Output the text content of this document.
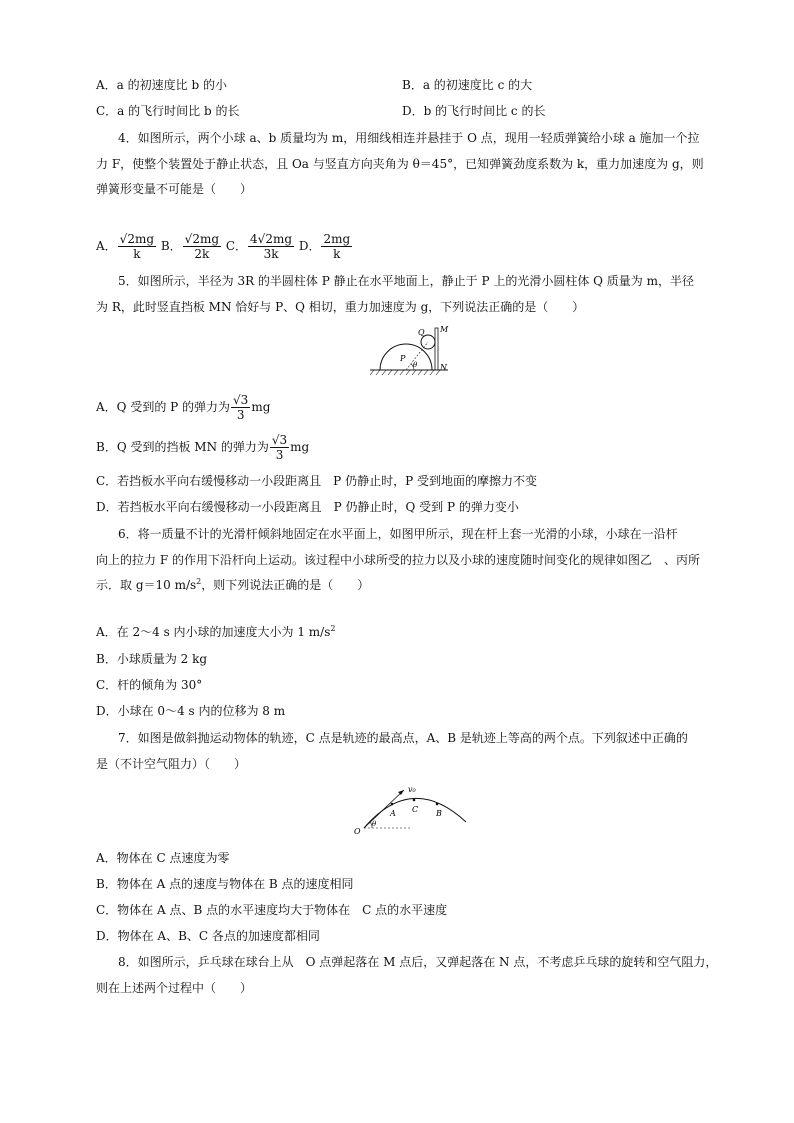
A．a 的初速度比 b 的小	B．a 的初速度比 c 的大
C．a 的飞行时间比 b 的长	D．b 的飞行时间比 c 的长
4．如图所示，两个小球 a、b 质量均为 m，用细线相连并悬挂于 O 点，现用一轻质弹簧给小球 a 施加一个拉
力 F，使整个装置处于静止状态，且 Oa 与竖直方向夹角为 θ＝45°，已知弹簧劲度系数为 k，重力加速度为 g，则
弹簧形变量不可能是（　　）
A． $\frac{√2mg}{k}$ B． $\frac{√2mg}{2k}$ C． $\frac{4√2mg}{3k}$ D． $\frac{2mg}{k}$
5．如图所示，半径为 3R 的半圆柱体 P 静止在水平地面上，静止于 P 上的光滑小圆柱体 Q 质量为 m，半径
为 R，此时竖直挡板 MN 恰好与 P、Q 相切，重力加速度为 g，下列说法正确的是（　　）
Q M
P
θ	N
A．Q 受到的 P 的弹力为 $\frac{√3}{3}$ mg
B．Q 受到的挡板 MN 的弹力为 $\frac{√3}{3}$ mg
C．若挡板水平向右缓慢移动一小段距离且　P 仍静止时，P 受到地面的摩擦力不变
D．若挡板水平向右缓慢移动一小段距离且　P 仍静止时，Q 受到 P 的弹力变小
6．将一质量不计的光滑杆倾斜地固定在水平面上，如图甲所示，现在杆上套一光滑的小球，小球在一沿杆
向上的拉力 F 的作用下沿杆向上运动。该过程中小球所受的拉力以及小球的速度随时间变化的规律如图乙　、丙所
示．取 g＝10 $m/s^2$，则下列说法正确的是（　　）
A．在 2～4 s 内小球的加速度大小为 1 $m/s^2$
B．小球质量为 2 kg
C．杆的倾角为 30°
D．小球在 0～4 s 内的位移为 8 m
7．如图是做斜抛运动物体的轨迹，C 点是轨迹的最高点，A、B 是轨迹上等高的两个点。下列叙述中正确的
是（不计空气阻力）（　　）
v₀
A C B
O
θ
A．物体在 C 点速度为零
B．物体在 A 点的速度与物体在 B 点的速度相同
C．物体在 A 点、B 点的水平速度均大于物体在　C 点的水平速度
D．物体在 A、B、C 各点的加速度都相同
8．如图所示，乒乓球在球台上从　O 点弹起落在 M 点后，又弹起落在 N 点，不考虑乒乓球的旋转和空气阻力，
则在上述两个过程中（　　）
